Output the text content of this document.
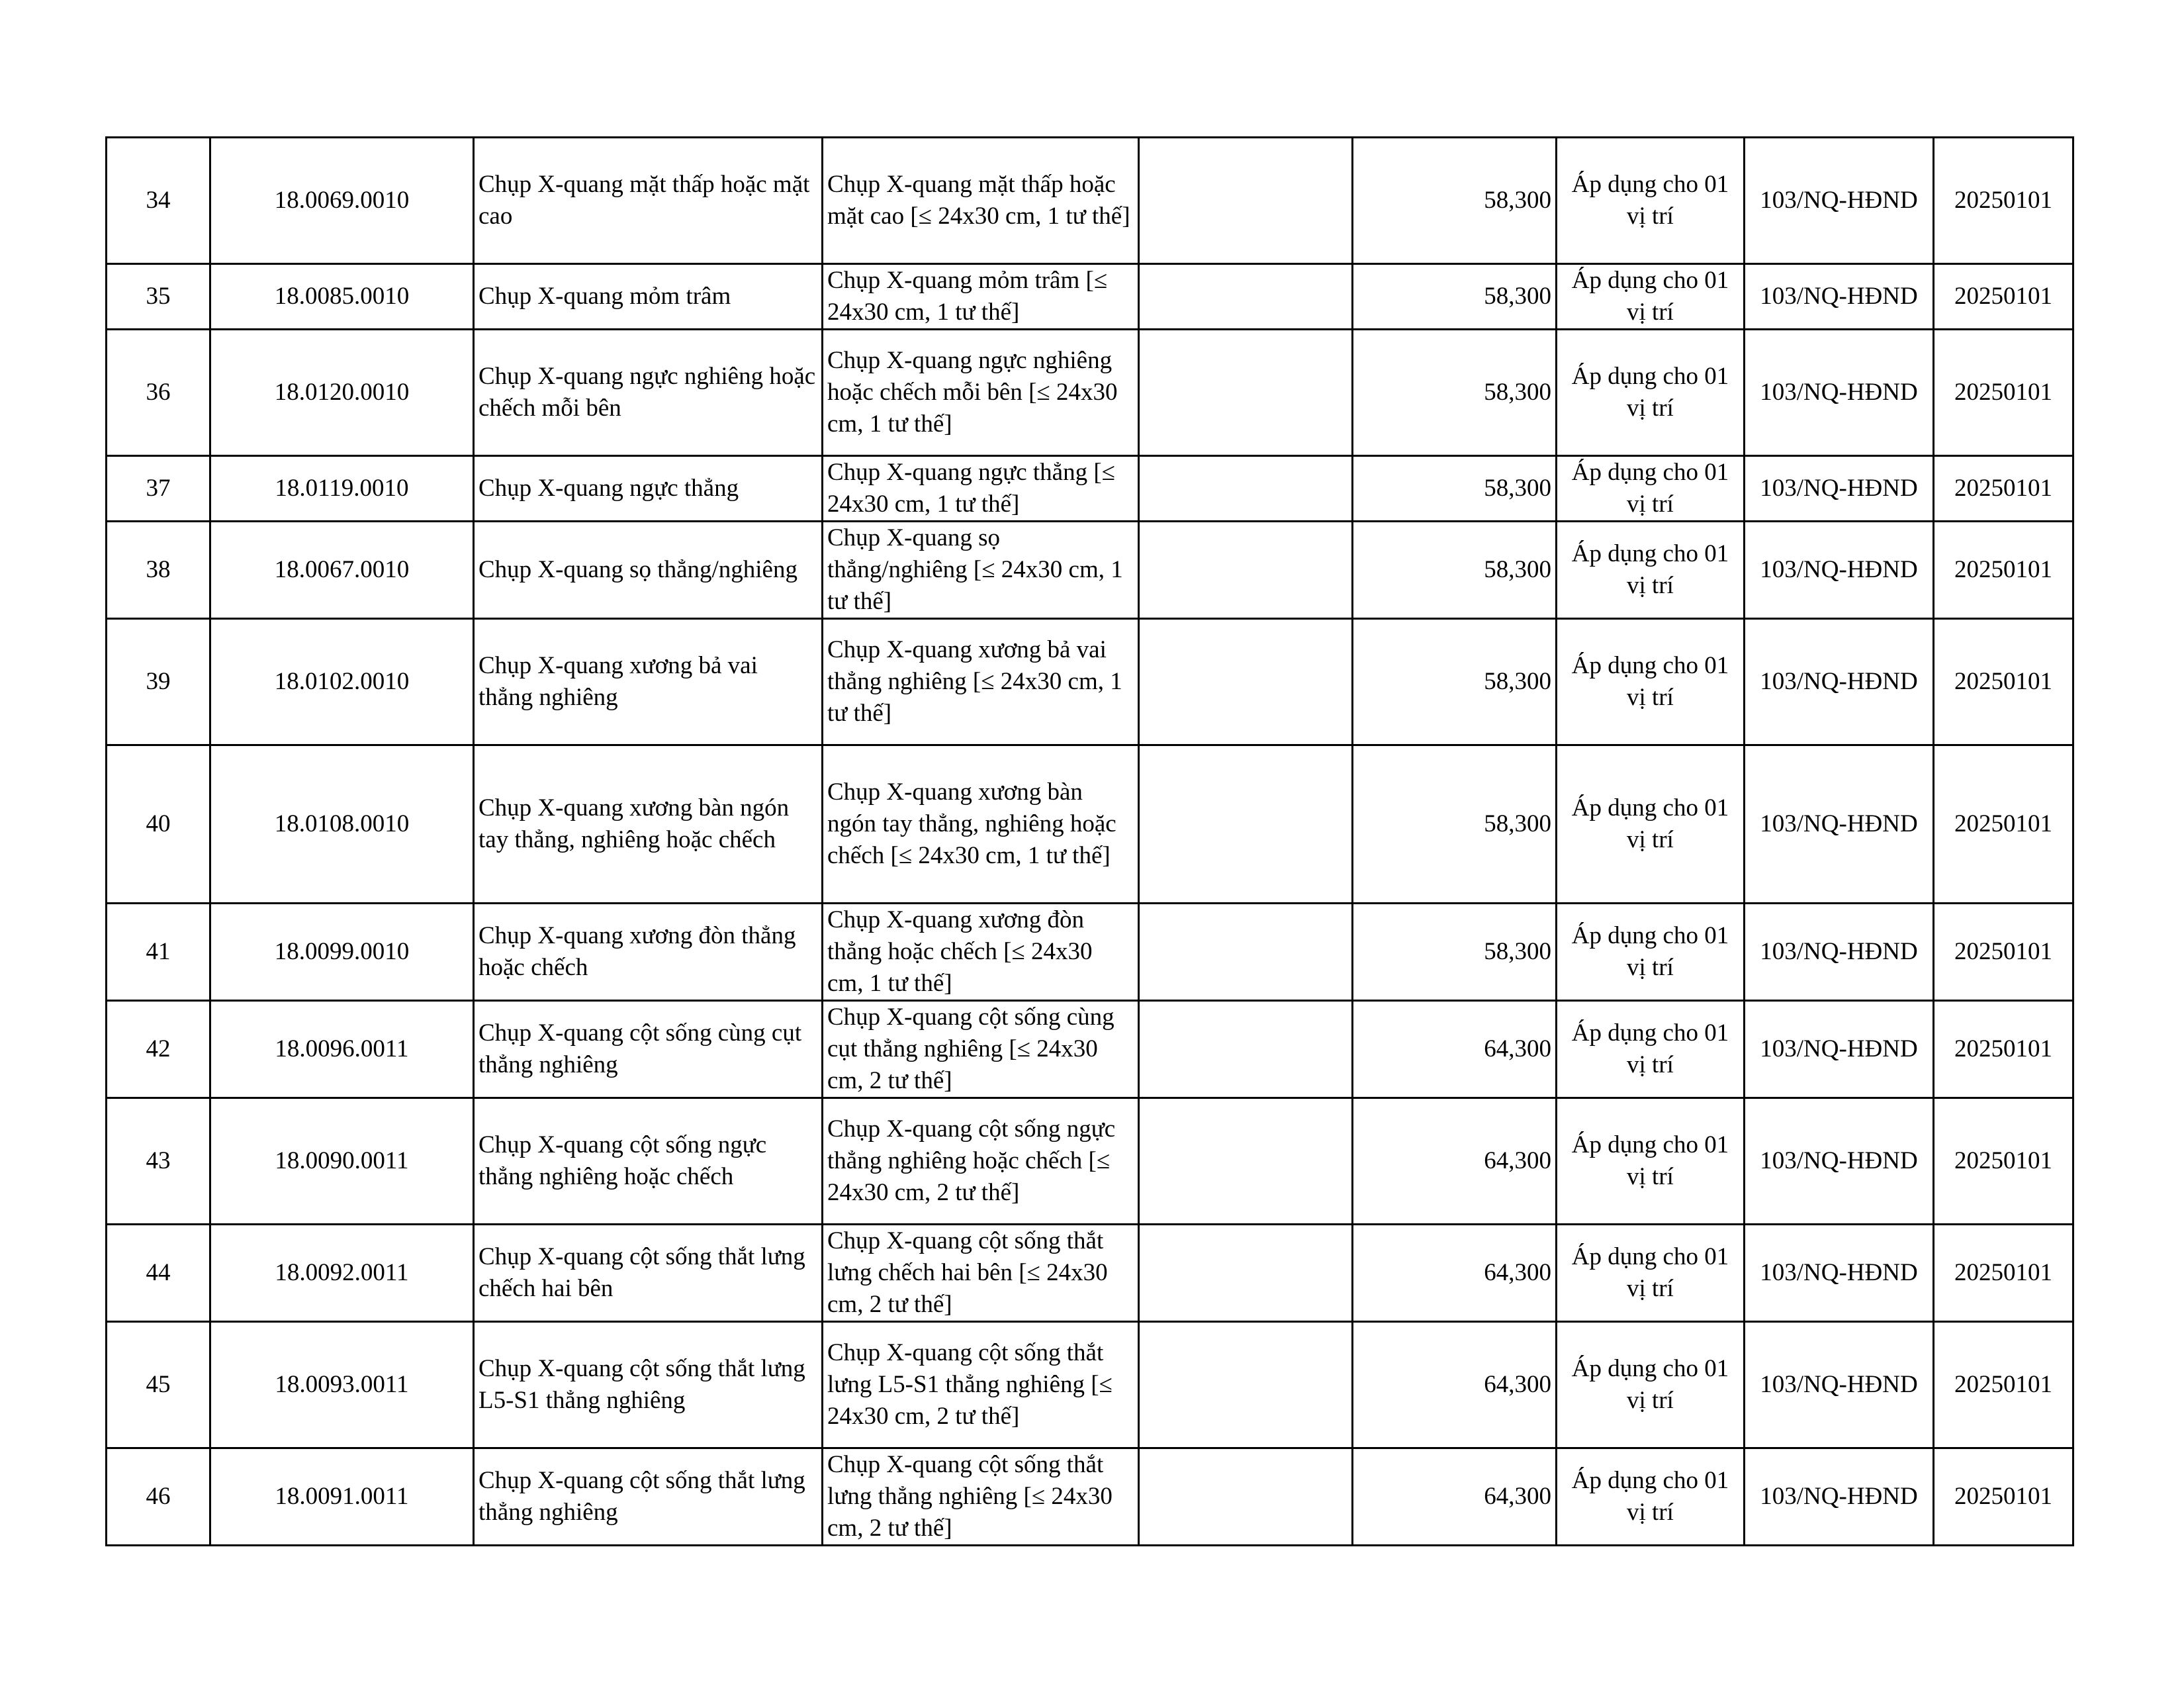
34	18.0069.0010	Chụp X-quang mặt thấp hoặc mặt cao	Chụp X-quang mặt thấp hoặc mặt cao [≤ 24x30 cm, 1 tư thế]		58,300	Áp dụng cho 01 vị trí	103/NQ-HĐND	20250101
35	18.0085.0010	Chụp X-quang mỏm trâm	Chụp X-quang mỏm trâm [≤ 24x30 cm, 1 tư thế]		58,300	Áp dụng cho 01 vị trí	103/NQ-HĐND	20250101
36	18.0120.0010	Chụp X-quang ngực nghiêng hoặc chếch mỗi bên	Chụp X-quang ngực nghiêng hoặc chếch mỗi bên [≤ 24x30 cm, 1 tư thế]		58,300	Áp dụng cho 01 vị trí	103/NQ-HĐND	20250101
37	18.0119.0010	Chụp X-quang ngực thẳng	Chụp X-quang ngực thẳng [≤ 24x30 cm, 1 tư thế]		58,300	Áp dụng cho 01 vị trí	103/NQ-HĐND	20250101
38	18.0067.0010	Chụp X-quang sọ thẳng/nghiêng	Chụp X-quang sọ thẳng/nghiêng [≤ 24x30 cm, 1 tư thế]		58,300	Áp dụng cho 01 vị trí	103/NQ-HĐND	20250101
39	18.0102.0010	Chụp X-quang xương bả vai thẳng nghiêng	Chụp X-quang xương bả vai thẳng nghiêng [≤ 24x30 cm, 1 tư thế]		58,300	Áp dụng cho 01 vị trí	103/NQ-HĐND	20250101
40	18.0108.0010	Chụp X-quang xương bàn ngón tay thẳng, nghiêng hoặc chếch	Chụp X-quang xương bàn ngón tay thẳng, nghiêng hoặc chếch [≤ 24x30 cm, 1 tư thế]		58,300	Áp dụng cho 01 vị trí	103/NQ-HĐND	20250101
41	18.0099.0010	Chụp X-quang xương đòn thẳng hoặc chếch	Chụp X-quang xương đòn thẳng hoặc chếch [≤ 24x30 cm, 1 tư thế]		58,300	Áp dụng cho 01 vị trí	103/NQ-HĐND	20250101
42	18.0096.0011	Chụp X-quang cột sống cùng cụt thẳng nghiêng	Chụp X-quang cột sống cùng cụt thẳng nghiêng [≤ 24x30 cm, 2 tư thế]		64,300	Áp dụng cho 01 vị trí	103/NQ-HĐND	20250101
43	18.0090.0011	Chụp X-quang cột sống ngực thẳng nghiêng hoặc chếch	Chụp X-quang cột sống ngực thẳng nghiêng hoặc chếch [≤ 24x30 cm, 2 tư thế]		64,300	Áp dụng cho 01 vị trí	103/NQ-HĐND	20250101
44	18.0092.0011	Chụp X-quang cột sống thắt lưng chếch hai bên	Chụp X-quang cột sống thắt lưng chếch hai bên [≤ 24x30 cm, 2 tư thế]		64,300	Áp dụng cho 01 vị trí	103/NQ-HĐND	20250101
45	18.0093.0011	Chụp X-quang cột sống thắt lưng L5-S1 thẳng nghiêng	Chụp X-quang cột sống thắt lưng L5-S1 thẳng nghiêng [≤ 24x30 cm, 2 tư thế]		64,300	Áp dụng cho 01 vị trí	103/NQ-HĐND	20250101
46	18.0091.0011	Chụp X-quang cột sống thắt lưng thẳng nghiêng	Chụp X-quang cột sống thắt lưng thẳng nghiêng [≤ 24x30 cm, 2 tư thế]		64,300	Áp dụng cho 01 vị trí	103/NQ-HĐND	20250101
